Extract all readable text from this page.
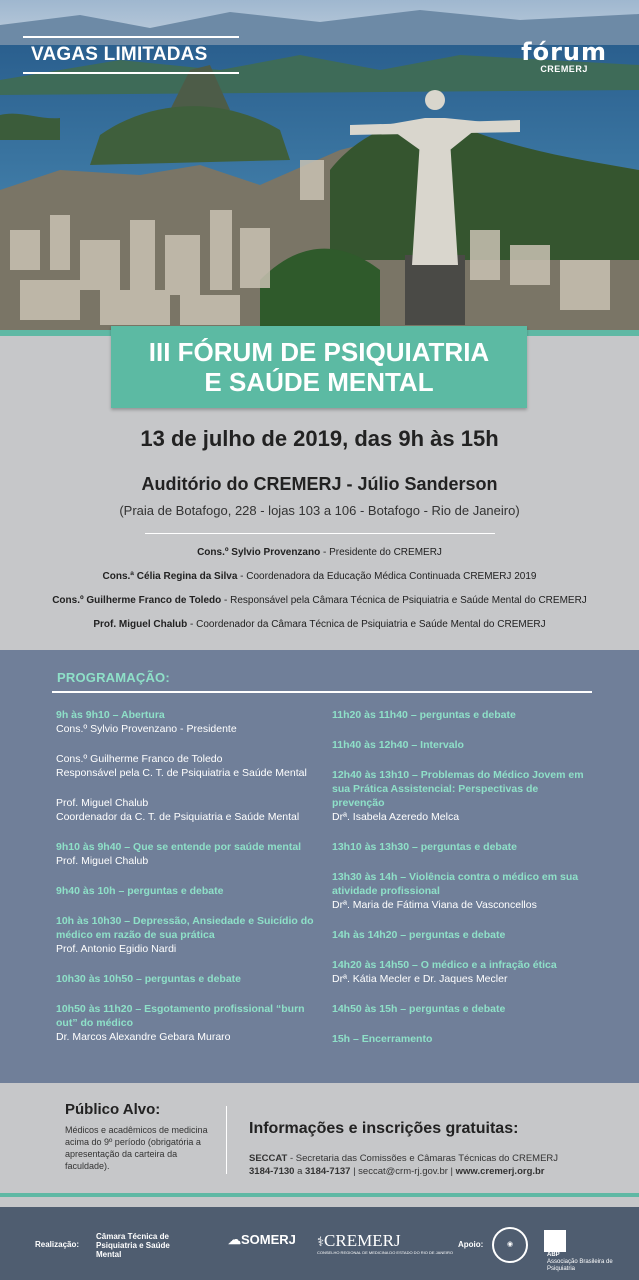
VAGAS LIMITADAS	fórum
CREMERJ
III FÓRUM DE PSIQUIATRIA
E SAÚDE MENTAL
13 de julho de 2019, das 9h às 15h
Auditório do CREMERJ - Júlio Sanderson
(Praia de Botafogo, 228 - lojas 103 a 106 - Botafogo - Rio de Janeiro)
Cons.º Sylvio Provenzano - Presidente do CREMERJ
Cons.ª Célia Regina da Silva - Coordenadora da Educação Médica Continuada CREMERJ 2019
Cons.º Guilherme Franco de Toledo - Responsável pela Câmara Técnica de Psiquiatria e Saúde Mental do CREMERJ
Prof. Miguel Chalub - Coordenador da Câmara Técnica de Psiquiatria e Saúde Mental do CREMERJ
PROGRAMAÇÃO:
9h às 9h10 – Abertura
Cons.º Sylvio Provenzano - Presidente
Cons.º Guilherme Franco de Toledo
Responsável pela C. T. de Psiquiatria e Saúde Mental
Prof. Miguel Chalub
Coordenador da C. T. de Psiquiatria e Saúde Mental
9h10 às 9h40 – Que se entende por saúde mental
Prof. Miguel Chalub
9h40 às 10h – perguntas e debate
10h às 10h30 – Depressão, Ansiedade e Suicídio do médico em razão de sua prática
Prof. Antonio Egidio Nardi
10h30 às 10h50 – perguntas e debate
10h50 às 11h20 – Esgotamento profissional “burn out” do médico
Dr. Marcos Alexandre Gebara Muraro
11h20 às 11h40 – perguntas e debate
11h40 às 12h40 – Intervalo
12h40 às 13h10 – Problemas do Médico Jovem em sua Prática Assistencial: Perspectivas de prevenção
Drª. Isabela Azeredo Melca
13h10 às 13h30 – perguntas e debate
13h30 às 14h – Violência contra o médico em sua atividade profissional
Drª. Maria de Fátima Viana de Vasconcellos
14h às 14h20 – perguntas e debate
14h20 às 14h50 – O médico e a infração ética
Drª. Kátia Mecler e Dr. Jaques Mecler
14h50 às 15h – perguntas e debate
15h – Encerramento
Público Alvo:
Médicos e acadêmicos de medicina acima do 9º período (obrigatória a apresentação da carteira da faculdade).
Informações e inscrições gratuitas:
SECCAT - Secretaria das Comissões e Câmaras Técnicas do CREMERJ
3184-7130 a 3184-7137 | seccat@crm-rj.gov.br | www.cremerj.org.br
Realização:
Câmara Técnica de Psiquiatria e Saúde Mental
☁SOMERJ ⚕CREMERJ
CONSELHO REGIONAL DE MEDICINA DO ESTADO DO RIO DE JANEIRO
Apoio:	◉
ABP
Associação Brasileira de Psiquiatria
